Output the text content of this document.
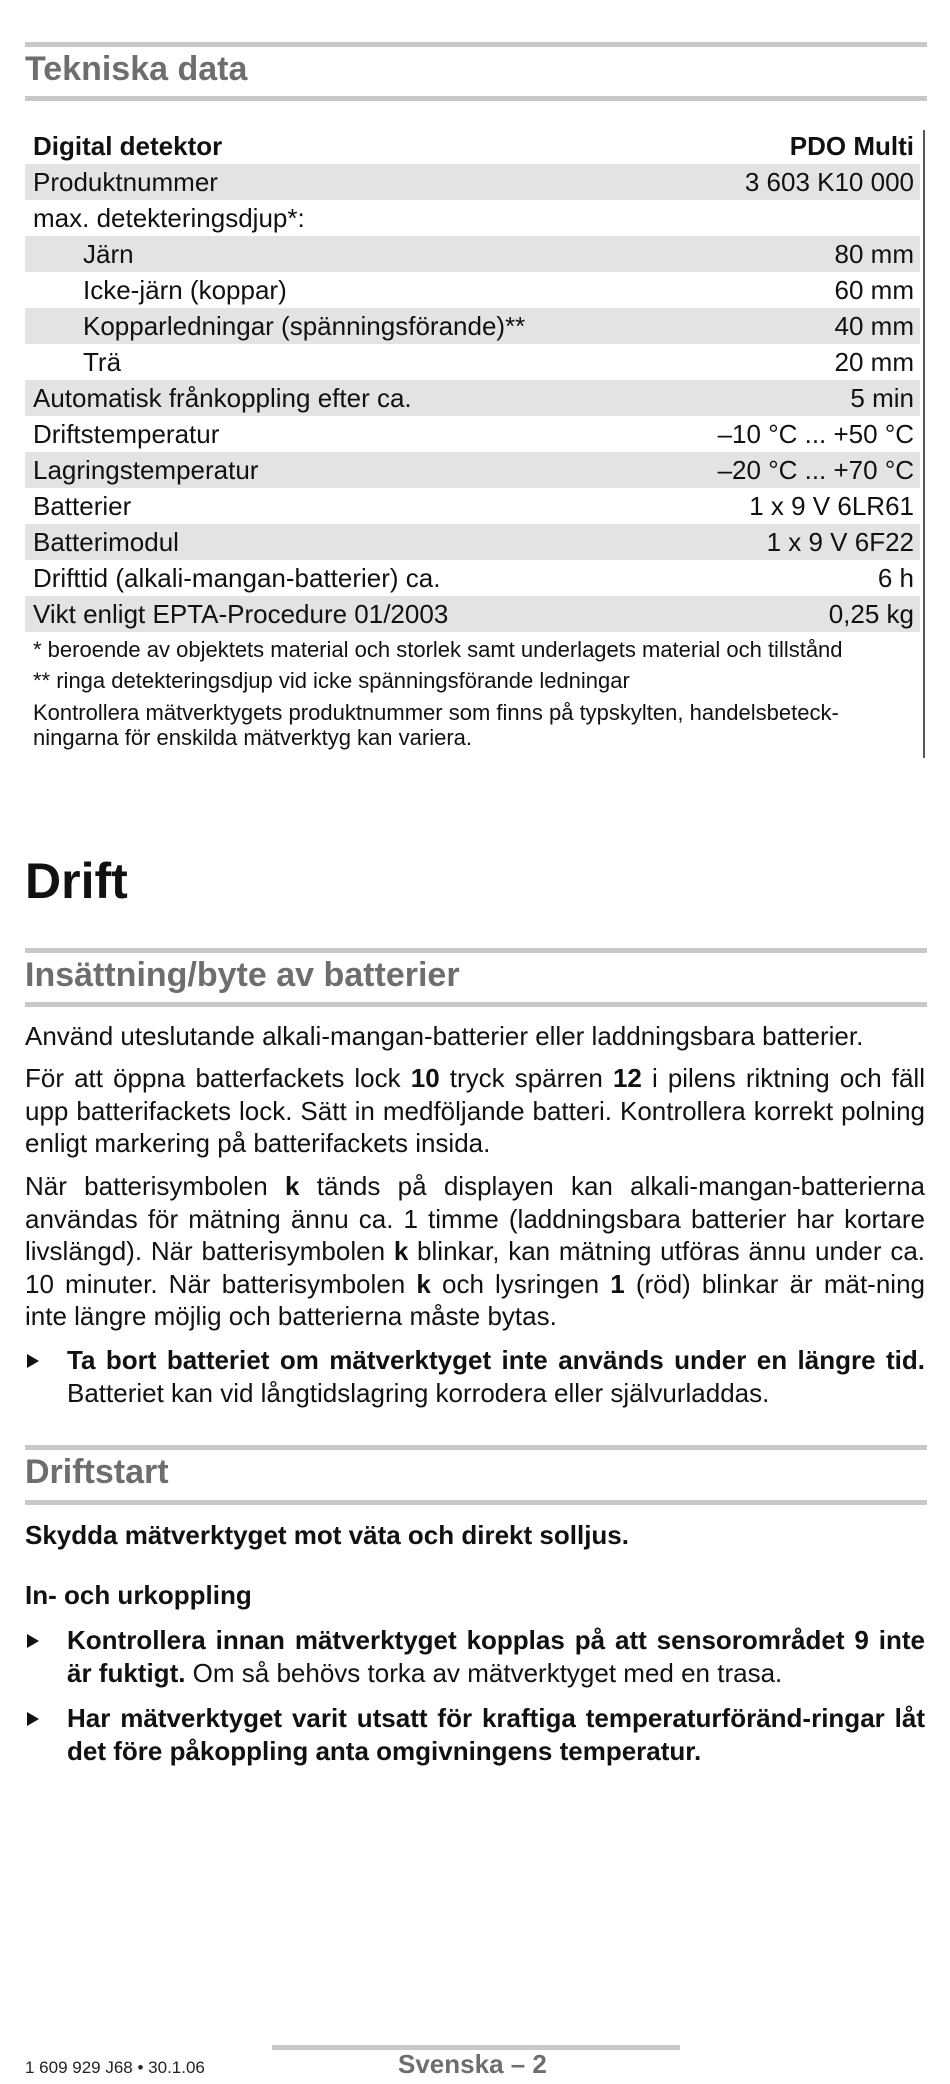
Tekniska data
Digital detektor	PDO Multi
Produktnummer	3 603 K10 000
max. detekteringsdjup*:
Järn	80 mm
Icke-järn (koppar)	60 mm
Kopparledningar (spänningsförande)**	40 mm
Trä	20 mm
Automatisk frånkoppling efter ca.	5 min
Driftstemperatur	–10 °C ... +50 °C
Lagringstemperatur	–20 °C ... +70 °C
Batterier	1 x 9 V 6LR61
Batterimodul	1 x 9 V 6F22
Drifttid (alkali-mangan-batterier) ca.	6 h
Vikt enligt EPTA-Procedure 01/2003	0,25 kg
* beroende av objektets material och storlek samt underlagets material och tillstånd
** ringa detekteringsdjup vid icke spänningsförande ledningar
Kontrollera mätverktygets produktnummer som finns på typskylten, handelsbeteck-ningarna för enskilda mätverktyg kan variera.
Drift
Insättning/byte av batterier
Använd uteslutande alkali-mangan-batterier eller laddningsbara batterier.
För att öppna batterfackets lock 10 tryck spärren 12 i pilens riktning och fäll upp batterifackets lock. Sätt in medföljande batteri. Kontrollera korrekt polning enligt markering på batterifackets insida.
När batterisymbolen k tänds på displayen kan alkali-mangan-batterierna användas för mätning ännu ca. 1 timme (laddningsbara batterier har kortare livslängd). När batterisymbolen k blinkar, kan mätning utföras ännu under ca. 10 minuter. När batterisymbolen k och lysringen 1 (röd) blinkar är mät-ning inte längre möjlig och batterierna måste bytas.
Ta bort batteriet om mätverktyget inte används under en längre tid. Batteriet kan vid långtidslagring korrodera eller självurladdas.
Driftstart
Skydda mätverktyget mot väta och direkt solljus.
In- och urkoppling
Kontrollera innan mätverktyget kopplas på att sensorområdet 9 inte är fuktigt. Om så behövs torka av mätverktyget med en trasa.
Har mätverktyget varit utsatt för kraftiga temperaturföränd-ringar låt det före påkoppling anta omgivningens temperatur.
1 609 929 J68 • 30.1.06	Svenska – 2
